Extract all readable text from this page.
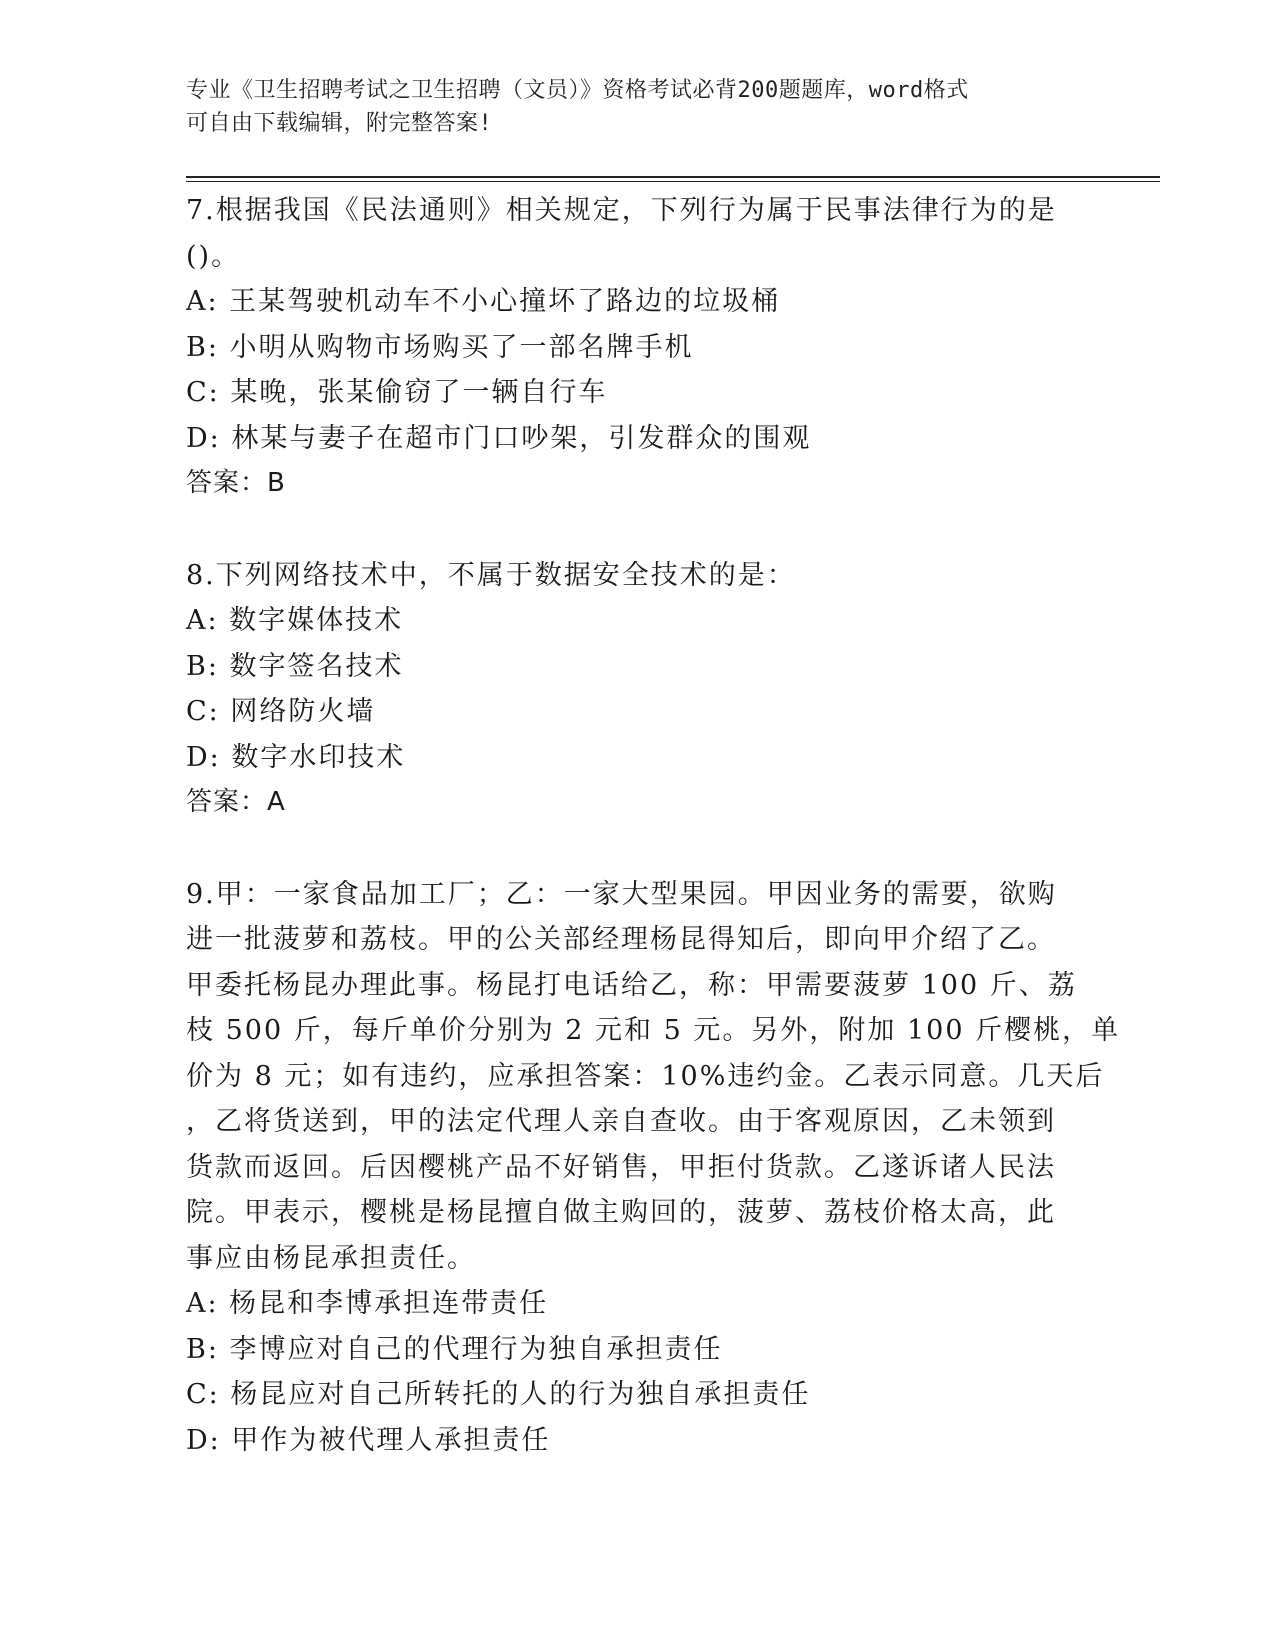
专业《卫生招聘考试之卫生招聘（文员）》资格考试必背200题题库，word格式
可自由下载编辑，附完整答案!
7.根据我国《民法通则》相关规定，下列行为属于民事法律行为的是
()。
A: 王某驾驶机动车不小心撞坏了路边的垃圾桶
B: 小明从购物市场购买了一部名牌手机
C: 某晚，张某偷窃了一辆自行车
D: 林某与妻子在超市门口吵架，引发群众的围观
答案：B
8.下列网络技术中，不属于数据安全技术的是：
A: 数字媒体技术
B: 数字签名技术
C: 网络防火墙
D: 数字水印技术
答案：A
9.甲：一家食品加工厂；乙：一家大型果园。甲因业务的需要，欲购
进一批菠萝和荔枝。甲的公关部经理杨昆得知后，即向甲介绍了乙。
甲委托杨昆办理此事。杨昆打电话给乙，称：甲需要菠萝 100 斤、荔
枝 500 斤，每斤单价分别为 2 元和 5 元。另外，附加 100 斤樱桃，单
价为 8 元；如有违约，应承担答案：10%违约金。乙表示同意。几天后
，乙将货送到，甲的法定代理人亲自查收。由于客观原因，乙未领到
货款而返回。后因樱桃产品不好销售，甲拒付货款。乙遂诉诸人民法
院。甲表示，樱桃是杨昆擅自做主购回的，菠萝、荔枝价格太高，此
事应由杨昆承担责任。
A: 杨昆和李博承担连带责任
B: 李博应对自己的代理行为独自承担责任
C: 杨昆应对自己所转托的人的行为独自承担责任
D: 甲作为被代理人承担责任
